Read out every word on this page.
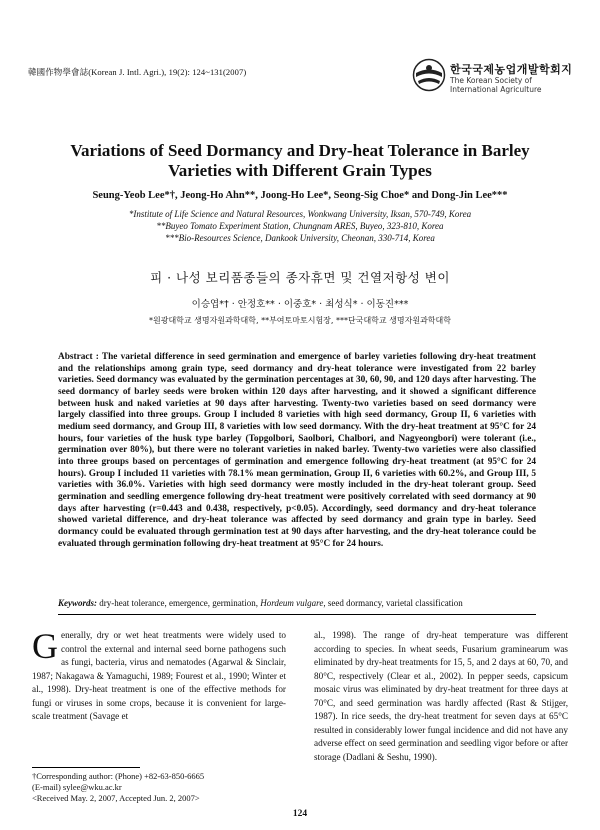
韓國作物學會誌(Korean J. Intl. Agri.), 19(2): 124~131(2007)	한국국제농업개발학회지
The Korean Society of International Agriculture
Variations of Seed Dormancy and Dry-heat Tolerance in Barley Varieties with Different Grain Types
Seung-Yeob Lee*†, Jeong-Ho Ahn**, Joong-Ho Lee*, Seong-Sig Choe* and Dong-Jin Lee***
*Institute of Life Science and Natural Resources, Wonkwang University, Iksan, 570-749, Korea
**Buyeo Tomato Experiment Station, Chungnam ARES, Buyeo, 323-810, Korea
***Bio-Resources Science, Dankook University, Cheonan, 330-714, Korea
피 · 나성 보리품종들의 종자휴면 및 건열저항성 변이
이승엽*† · 안정호** · 이중호* · 최성식* · 이동진***
*원광대학교 생명자원과학대학, **부여토마토시험장, ***단국대학교 생명자원과학대학
Abstract : The varietal difference in seed germination and emergence of barley varieties following dry-heat treatment and the relationships among grain type, seed dormancy and dry-heat tolerance were investigated from 22 barley varieties. Seed dormancy was evaluated by the germination percentages at 30, 60, 90, and 120 days after harvesting. The seed dormancy of barley seeds were broken within 120 days after harvesting, and it showed a significant difference between husk and naked varieties at 90 days after harvesting. Twenty-two varieties based on seed dormancy were largely classified into three groups. Group I included 8 varieties with high seed dormancy, Group II, 6 varieties with medium seed dormancy, and Group III, 8 varieties with low seed dormancy. With the dry-heat treatment at 95°C for 24 hours, four varieties of the husk type barley (Topgolbori, Saolbori, Chalbori, and Nagyeongbori) were tolerant (i.e., germination over 80%), but there were no tolerant varieties in naked barley. Twenty-two varieties were also classified into three groups based on percentages of germination and emergence following dry-heat treatment (at 95°C for 24 hours). Group I included 11 varieties with 78.1% mean germination, Group II, 6 varieties with 60.2%, and Group III, 5 varieties with 36.0%. Varieties with high seed dormancy were mostly included in the dry-heat tolerant group. Seed germination and seedling emergence following dry-heat treatment were positively correlated with seed dormancy at 90 days after harvesting (r=0.443 and 0.438, respectively, p<0.05). Accordingly, seed dormancy and dry-heat tolerance showed varietal difference, and dry-heat tolerance was affected by seed dormancy and grain type in barley. Seed dormancy could be evaluated through germination test at 90 days after harvesting, and the dry-heat tolerance could be evaluated through germination following dry-heat treatment at 95°C for 24 hours.
Keywords: dry-heat tolerance, emergence, germination, Hordeum vulgare, seed dormancy, varietal classification
Generally, dry or wet heat treatments were widely used to control the external and internal seed borne pathogens such as fungi, bacteria, virus and nematodes (Agarwal & Sinclair, 1987; Nakagawa & Yamaguchi, 1989; Fourest et al., 1990; Winter et al., 1998). Dry-heat treatment is one of the effective methods for fungi or viruses in some crops, because it is convenient for large-scale treatment (Savage et
al., 1998). The range of dry-heat temperature was different according to species. In wheat seeds, Fusarium graminearum was eliminated by dry-heat treatments for 15, 5, and 2 days at 60, 70, and 80°C, respectively (Clear et al., 2002). In pepper seeds, capsicum mosaic virus was eliminated by dry-heat treatment for three days at 70°C, and seed germination was hardly affected (Rast & Stijger, 1987). In rice seeds, the dry-heat treatment for seven days at 65°C resulted in considerably lower fungal incidence and did not have any adverse effect on seed germination and seedling vigor before or after storage (Dadlani & Seshu, 1990).
†Corresponding author: (Phone) +82-63-850-6665
(E-mail) sylee@wku.ac.kr
<Received May. 2, 2007, Accepted Jun. 2, 2007>
124
